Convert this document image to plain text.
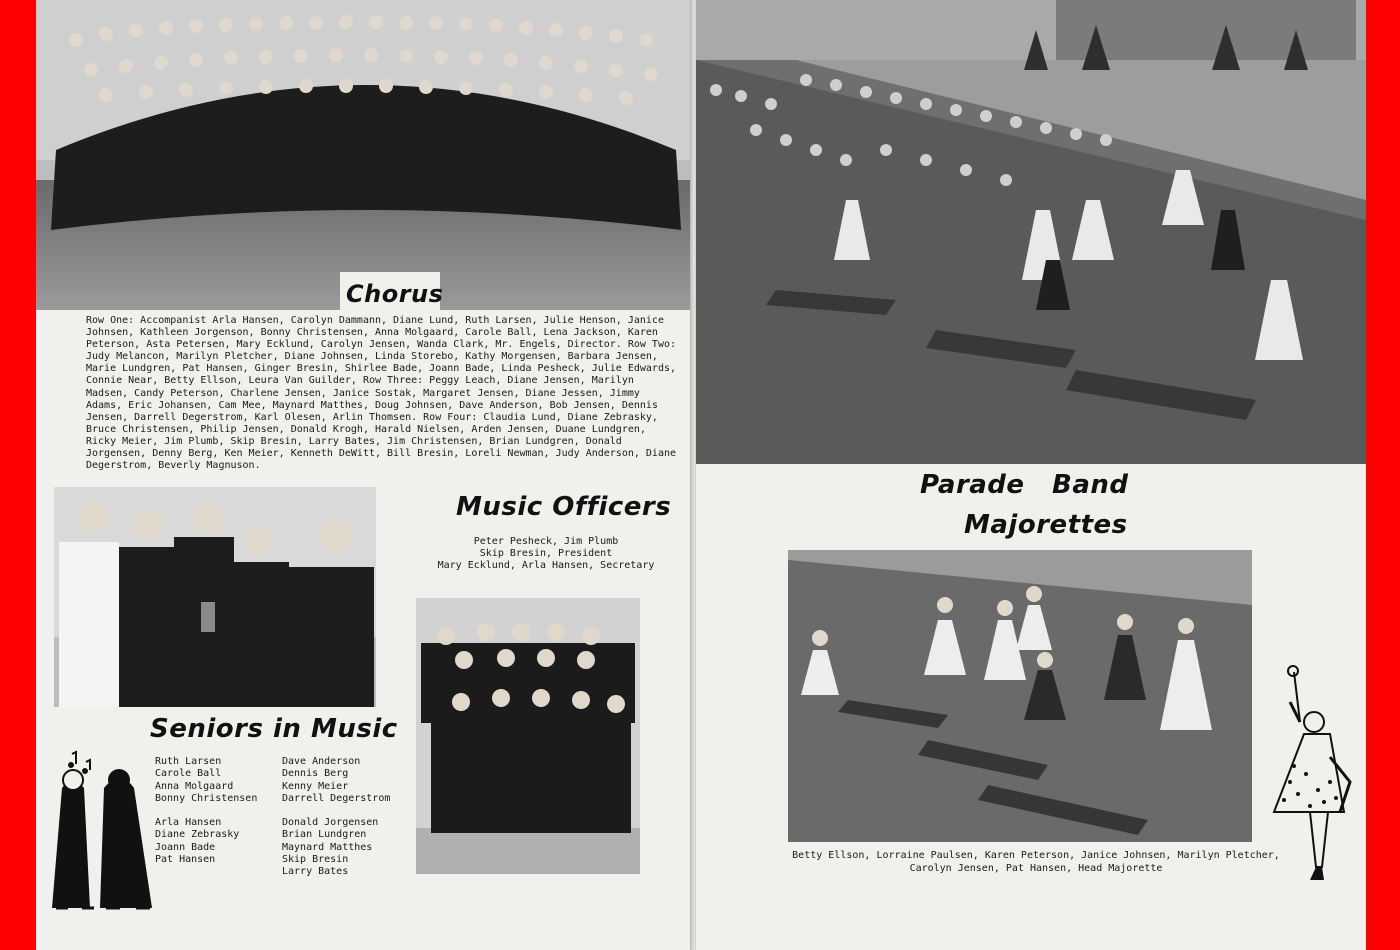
Chorus
Row One: Accompanist Arla Hansen, Carolyn Dammann, Diane Lund, Ruth Larsen, Julie Henson, Janice Johnsen, Kathleen Jorgenson, Bonny Christensen, Anna Molgaard, Carole Ball, Lena Jackson, Karen Peterson, Asta Petersen, Mary Ecklund, Carolyn Jensen, Wanda Clark, Mr. Engels, Director. Row Two: Judy Melancon, Marilyn Pletcher, Diane Johnsen, Linda Storebo, Kathy Morgensen, Barbara Jensen, Marie Lundgren, Pat Hansen, Ginger Bresin, Shirlee Bade, Joann Bade, Linda Pesheck, Julie Edwards, Connie Near, Betty Ellson, Leura Van Guilder, Row Three: Peggy Leach, Diane Jensen, Marilyn Madsen, Candy Peterson, Charlene Jensen, Janice Sostak, Margaret Jensen, Diane Jessen, Jimmy Adams, Eric Johansen, Cam Mee, Maynard Matthes, Doug Johnsen, Dave Anderson, Bob Jensen, Dennis Jensen, Darrell Degerstrom, Karl Olesen, Arlin Thomsen. Row Four: Claudia Lund, Diane Zebrasky, Bruce Christensen, Philip Jensen, Donald Krogh, Harald Nielsen, Arden Jensen, Duane Lundgren, Ricky Meier, Jim Plumb, Skip Bresin, Larry Bates, Jim Christensen, Brian Lundgren, Donald Jorgensen, Denny Berg, Ken Meier, Kenneth DeWitt, Bill Bresin, Loreli Newman, Judy Anderson, Diane Degerstrom, Beverly Magnuson.
Music Officers
Peter Pesheck, Jim Plumb
Skip Bresin, President
Mary Ecklund, Arla Hansen, Secretary
Seniors in Music
Ruth Larsen
Carole Ball
Anna Molgaard
Bonny Christensen
Arla Hansen
Diane Zebrasky
Joann Bade
Pat Hansen
Dave Anderson
Dennis Berg
Kenny Meier
Darrell Degerstrom
Donald Jorgensen
Brian Lundgren
Maynard Matthes
Skip Bresin
Larry Bates
Parade Band
Majorettes
Betty Ellson, Lorraine Paulsen, Karen Peterson, Janice Johnsen, Marilyn Pletcher,
Carolyn Jensen, Pat Hansen, Head Majorette
